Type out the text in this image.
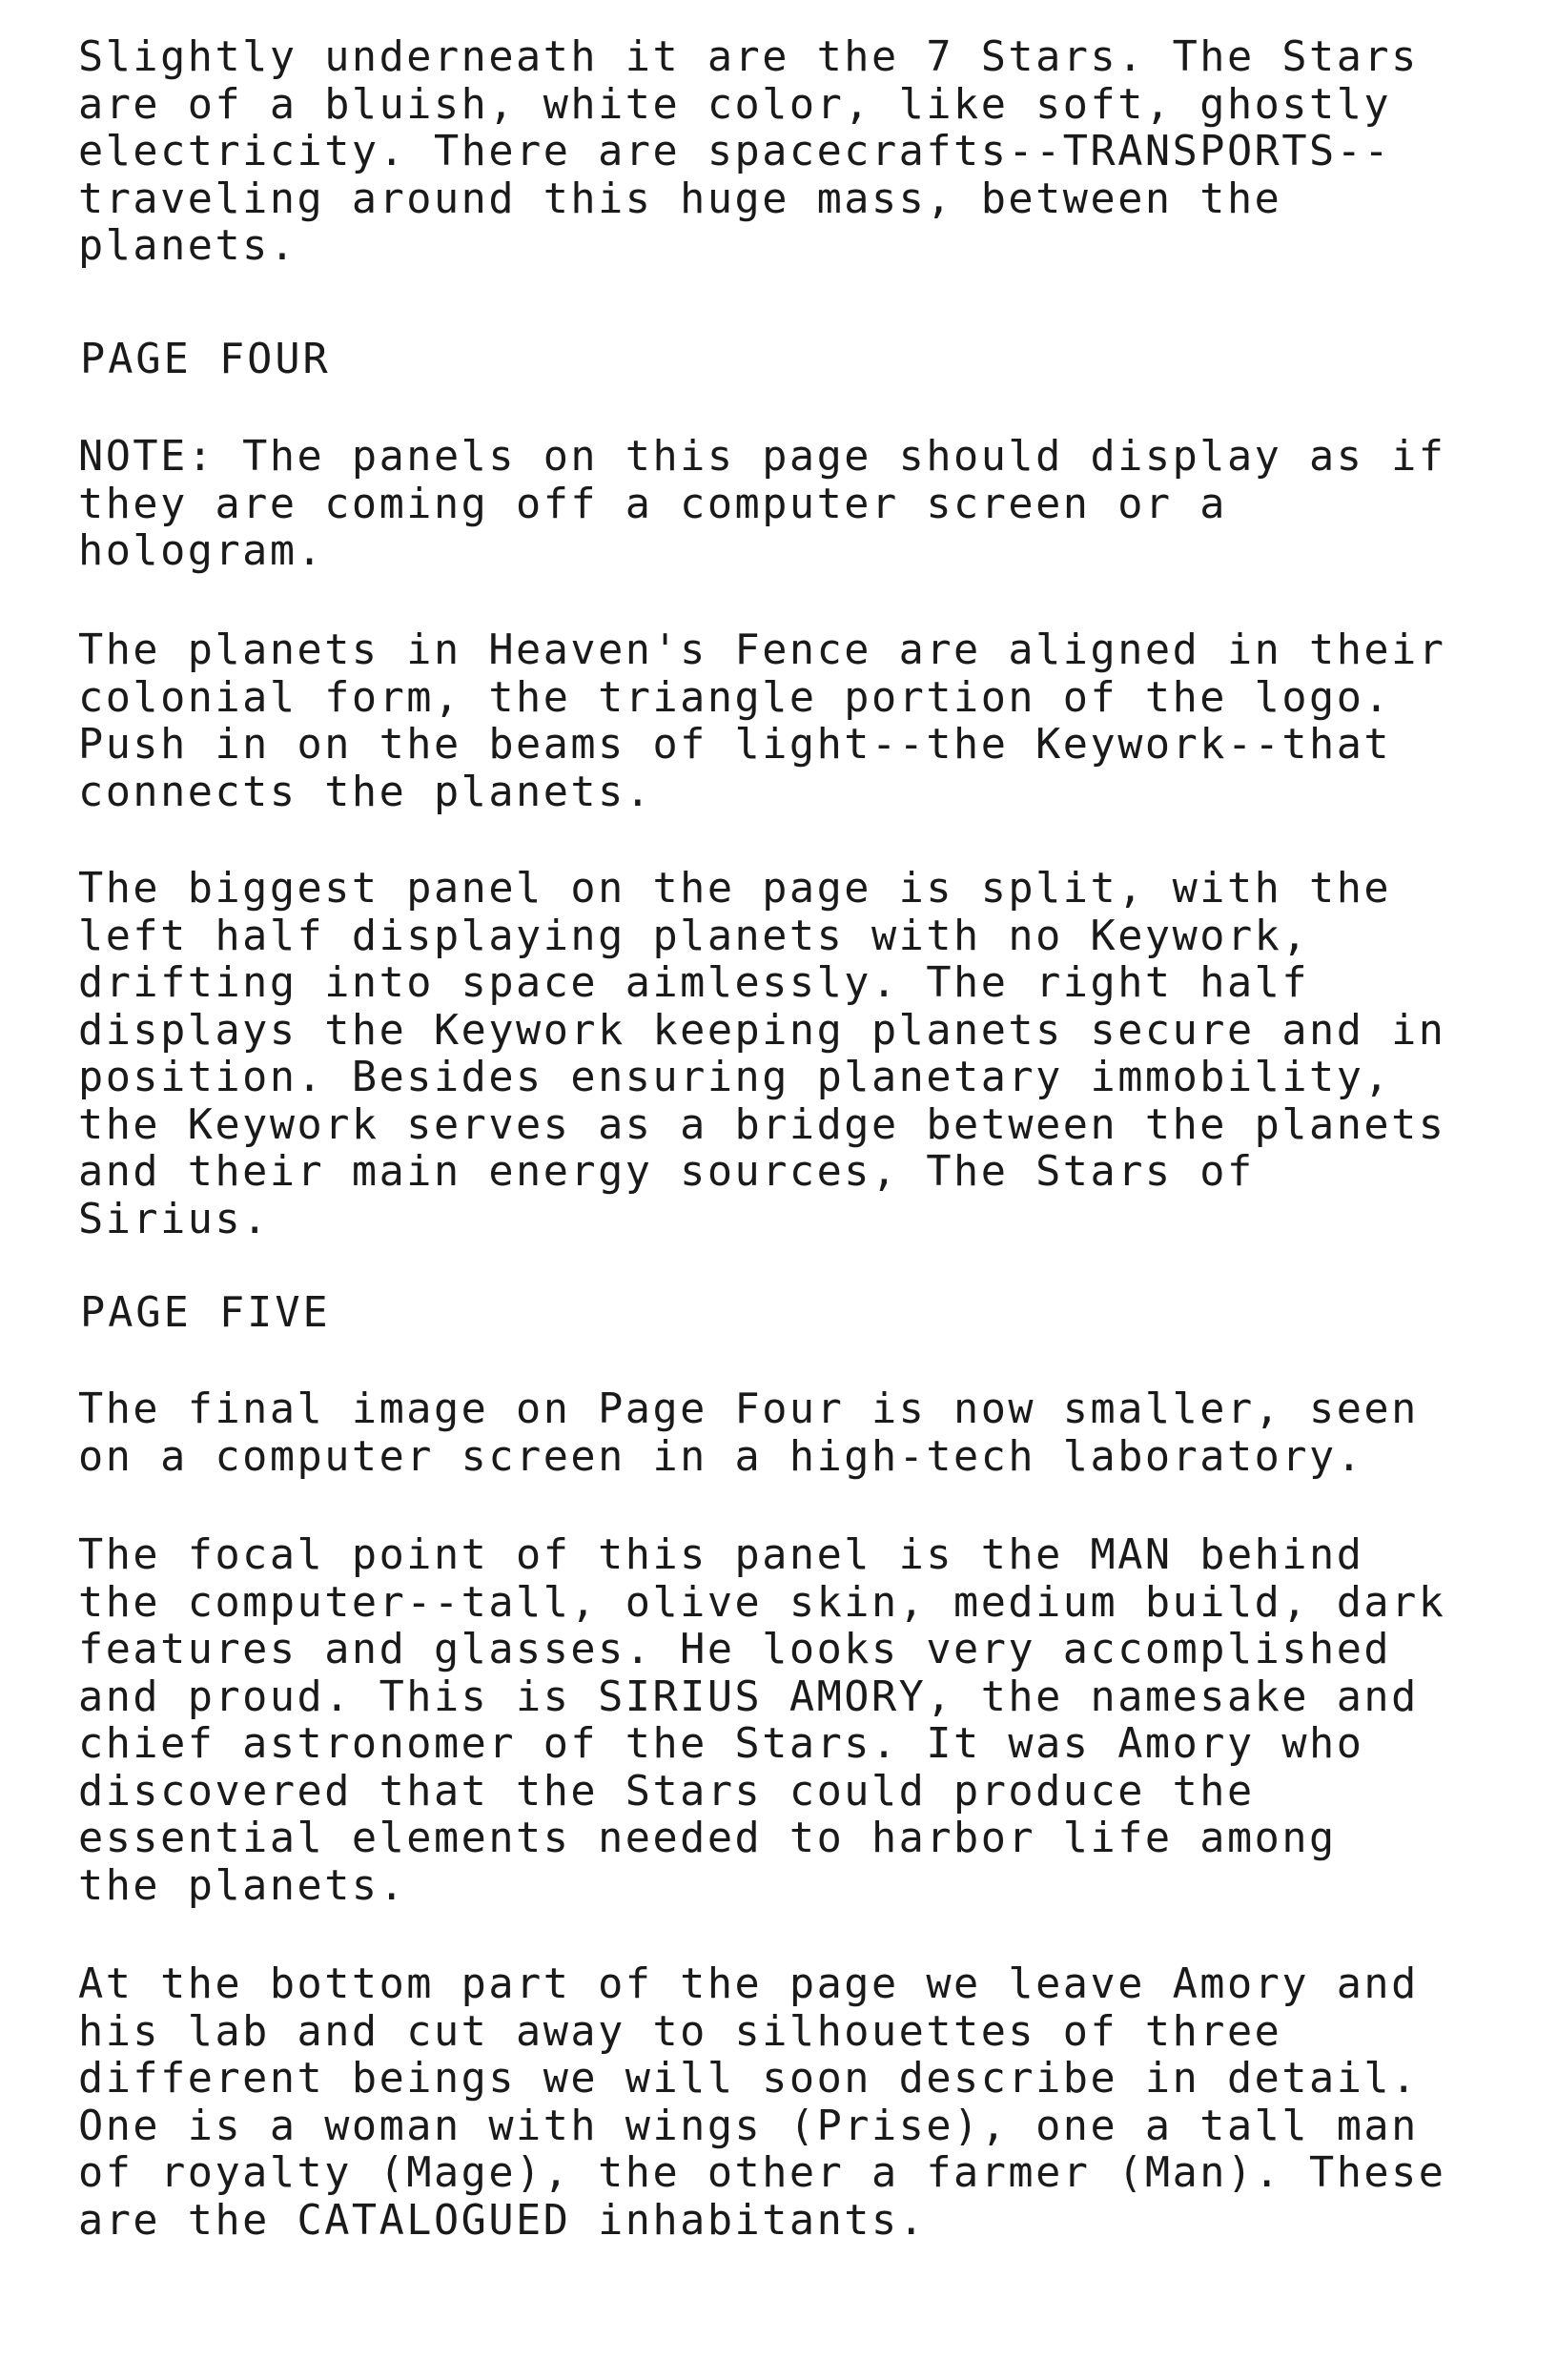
Slightly underneath it are the 7 Stars. The Stars
are of a bluish, white color, like soft, ghostly
electricity. There are spacecrafts--TRANSPORTS--
traveling around this huge mass, between the
planets.

PAGE FOUR

NOTE: The panels on this page should display as if
they are coming off a computer screen or a
hologram.

The planets in Heaven's Fence are aligned in their
colonial form, the triangle portion of the logo.
Push in on the beams of light--the Keywork--that
connects the planets.

The biggest panel on the page is split, with the
left half displaying planets with no Keywork,
drifting into space aimlessly. The right half
displays the Keywork keeping planets secure and in
position. Besides ensuring planetary immobility,
the Keywork serves as a bridge between the planets
and their main energy sources, The Stars of
Sirius.

PAGE FIVE

The final image on Page Four is now smaller, seen
on a computer screen in a high-tech laboratory.

The focal point of this panel is the MAN behind
the computer--tall, olive skin, medium build, dark
features and glasses. He looks very accomplished
and proud. This is SIRIUS AMORY, the namesake and
chief astronomer of the Stars. It was Amory who
discovered that the Stars could produce the
essential elements needed to harbor life among
the planets.

At the bottom part of the page we leave Amory and
his lab and cut away to silhouettes of three
different beings we will soon describe in detail.
One is a woman with wings (Prise), one a tall man
of royalty (Mage), the other a farmer (Man). These
are the CATALOGUED inhabitants.
